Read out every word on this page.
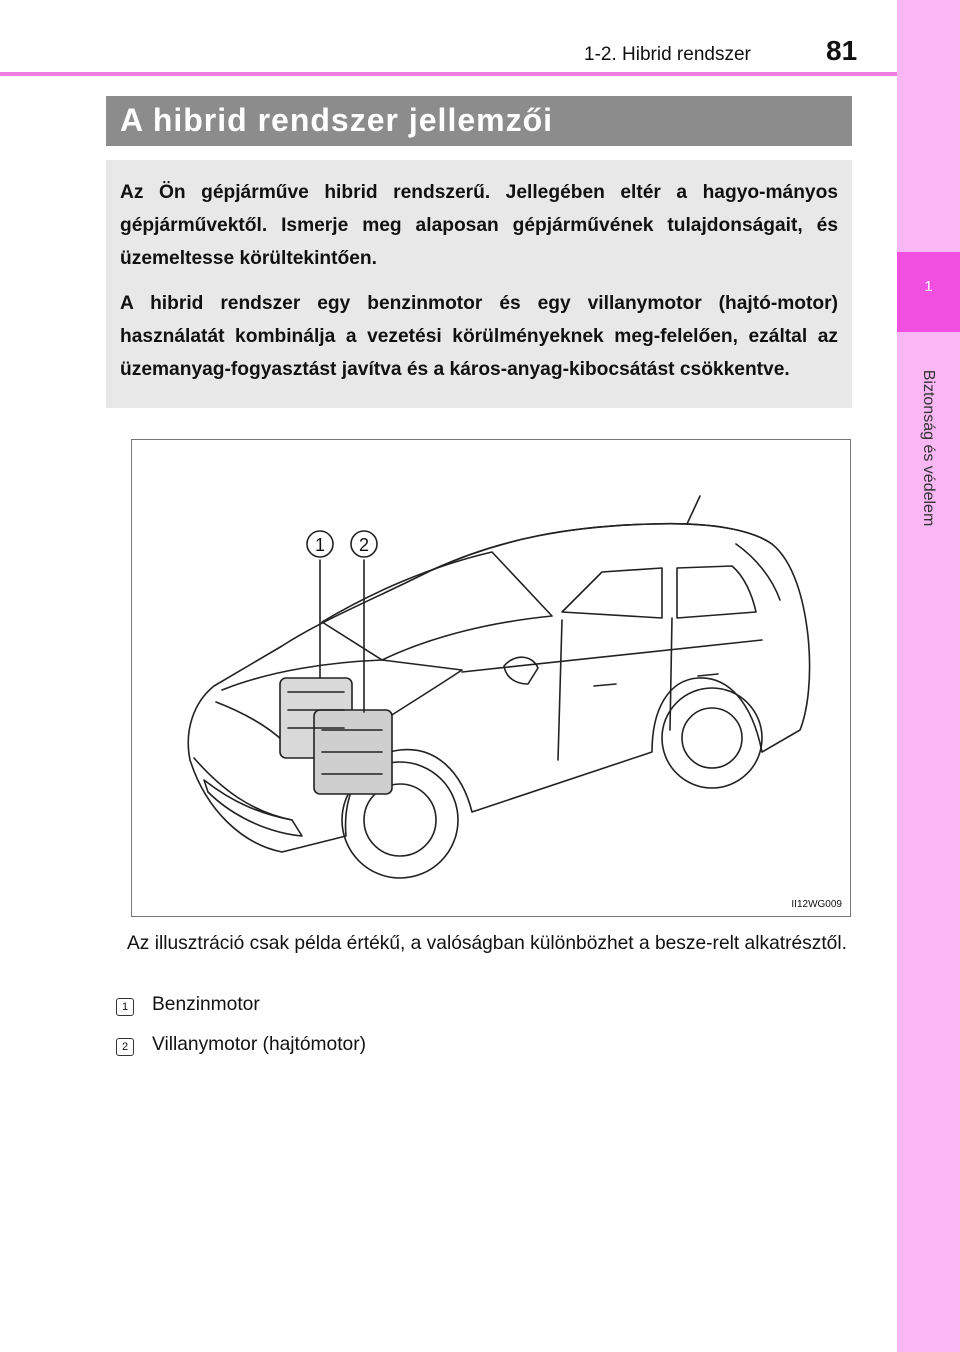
1
Biztonság és védelem
1-2. Hibrid rendszer	81
A hibrid rendszer jellemzői

Az Ön gépjárműve hibrid rendszerű. Jellegében eltér a hagyo-mányos gépjárművektől. Ismerje meg alaposan gépjárművének tulajdonságait, és üzemeltesse körültekintően.

A hibrid rendszer egy benzinmotor és egy villanymotor (hajtó-motor) használatát kombinálja a vezetési körülményeknek meg-felelően, ezáltal az üzemanyag-fogyasztást javítva és a káros-anyag-kibocsátást csökkentve.

1 2
II12WG009
Az illusztráció csak példa értékű, a valóságban különbözhet a besze-relt alkatrésztől.
1	Benzinmotor
2	Villanymotor (hajtómotor)
